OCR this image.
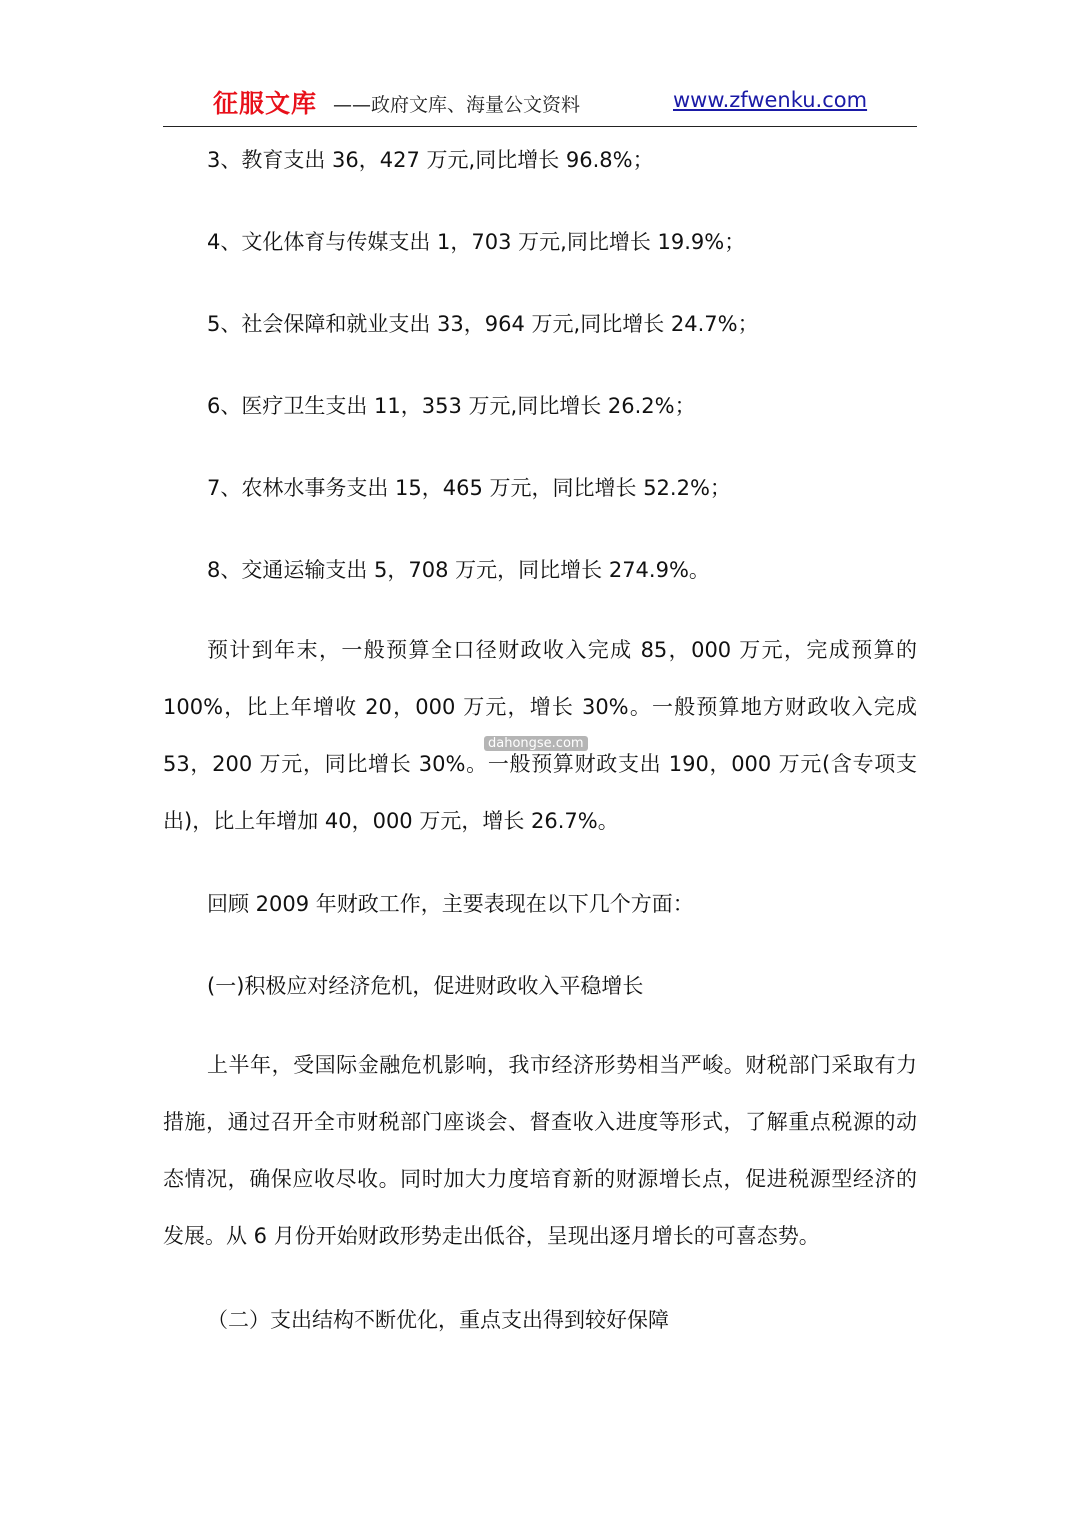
征服文库 ——政府文库、海量公文资料	www.zfwenku.com
3、教育支出 36，427 万元,同比增长 96.8%；
4、文化体育与传媒支出 1，703 万元,同比增长 19.9%；
5、社会保障和就业支出 33，964 万元,同比增长 24.7%；
6、医疗卫生支出 11，353 万元,同比增长 26.2%；
7、农林水事务支出 15，465 万元，同比增长 52.2%；
8、交通运输支出 5，708 万元，同比增长 274.9%。

预计到年末，一般预算全口径财政收入完成 85，000 万元，完成预算的 100%，比上年增收 20，000 万元，增长 30%。一般预算地方财政收入完成 53，200 万元，同比增长 30%。一般预算财政支出 190，000 万元(含专项支出)，比上年增加 40，000 万元，增长 26.7%。

回顾 2009 年财政工作，主要表现在以下几个方面：
(一)积极应对经济危机，促进财政收入平稳增长

上半年，受国际金融危机影响，我市经济形势相当严峻。财税部门采取有力措施，通过召开全市财税部门座谈会、督查收入进度等形式，了解重点税源的动态情况，确保应收尽收。同时加大力度培育新的财源增长点，促进税源型经济的发展。从 6 月份开始财政形势走出低谷，呈现出逐月增长的可喜态势。

（二）支出结构不断优化，重点支出得到较好保障
dahongse.com
